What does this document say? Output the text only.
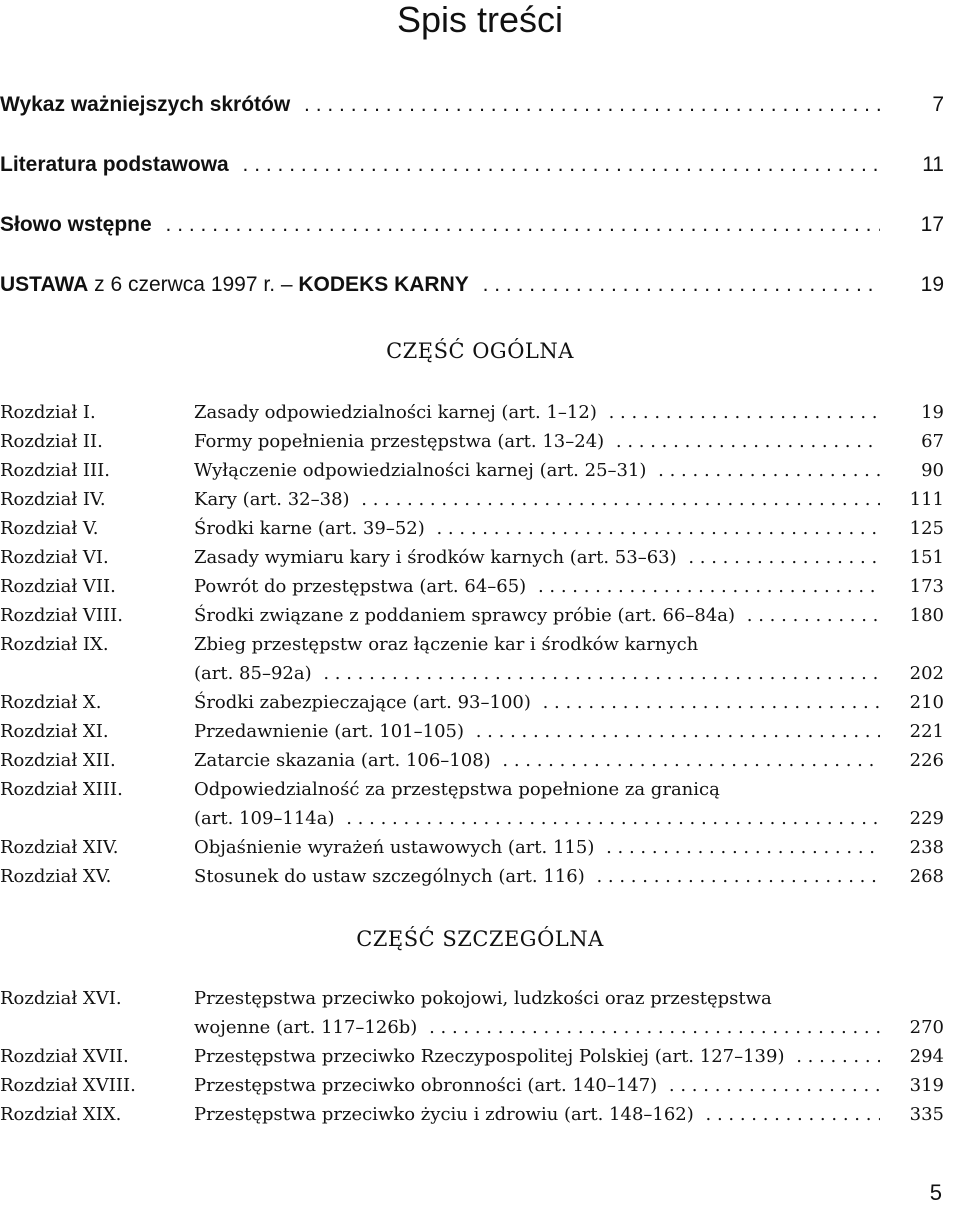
Spis treści
Wykaz ważniejszych skrótów . . .	7
Literatura podstawowa . . .	11
Słowo wstępne . . .	17
USTAWA z 6 czerwca 1997 r. – KODEKS KARNY . . .	19
CZĘŚĆ OGÓLNA
Rozdział I.	Zasady odpowiedzialności karnej (art. 1–12) . . .	19
Rozdział II.	Formy popełnienia przestępstwa (art. 13–24) . . .	67
Rozdział III.	Wyłączenie odpowiedzialności karnej (art. 25–31) . . .	90
Rozdział IV.	Kary (art. 32–38) . . .	111
Rozdział V.	Środki karne (art. 39–52) . . .	125
Rozdział VI.	Zasady wymiaru kary i środków karnych (art. 53–63) . . .	151
Rozdział VII.	Powrót do przestępstwa (art. 64–65) . . .	173
Rozdział VIII.	Środki związane z poddaniem sprawcy próbie (art. 66–84a) . . .	180
Rozdział IX.	Zbieg przestępstw oraz łączenie kar i środków karnych
(art. 85–92a) . . .	202
Rozdział X.	Środki zabezpieczające (art. 93–100) . . .	210
Rozdział XI.	Przedawnienie (art. 101–105) . . .	221
Rozdział XII.	Zatarcie skazania (art. 106–108) . . .	226
Rozdział XIII.	Odpowiedzialność za przestępstwa popełnione za granicą
(art. 109–114a) . . .	229
Rozdział XIV.	Objaśnienie wyrażeń ustawowych (art. 115) . . .	238
Rozdział XV.	Stosunek do ustaw szczególnych (art. 116) . . .	268
CZĘŚĆ SZCZEGÓLNA
Rozdział XVI.	Przestępstwa przeciwko pokojowi, ludzkości oraz przestępstwa
wojenne (art. 117–126b) . . .	270
Rozdział XVII.	Przestępstwa przeciwko Rzeczypospolitej Polskiej (art. 127–139) . . .	294
Rozdział XVIII.	Przestępstwa przeciwko obronności (art. 140–147) . . .	319
Rozdział XIX.	Przestępstwa przeciwko życiu i zdrowiu (art. 148–162) . . .	335
5
